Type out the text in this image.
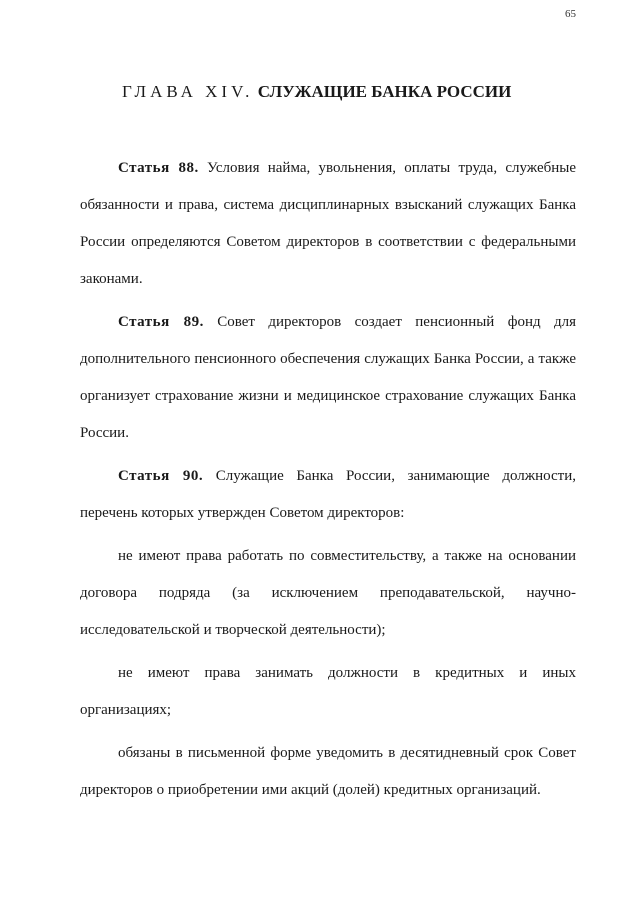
65
ГЛАВА XIV. СЛУЖАЩИЕ БАНКА РОССИИ

Статья 88. Условия найма, увольнения, оплаты труда, служебные обязанности и права, система дисциплинарных взысканий служащих Банка России определяются Советом директоров в соответствии с федеральными законами.

Статья 89. Совет директоров создает пенсионный фонд для дополнительного пенсионного обеспечения служащих Банка России, а также организует страхование жизни и медицинское страхование служащих Банка России.

Статья 90. Служащие Банка России, занимающие должности, перечень которых утвержден Советом директоров:

не имеют права работать по совместительству, а также на основании договора подряда (за исключением преподавательской, научно-исследовательской и творческой деятельности);

не имеют права занимать должности в кредитных и иных организациях;

обязаны в письменной форме уведомить в десятидневный срок Совет директоров о приобретении ими акций (долей) кредитных организаций.
